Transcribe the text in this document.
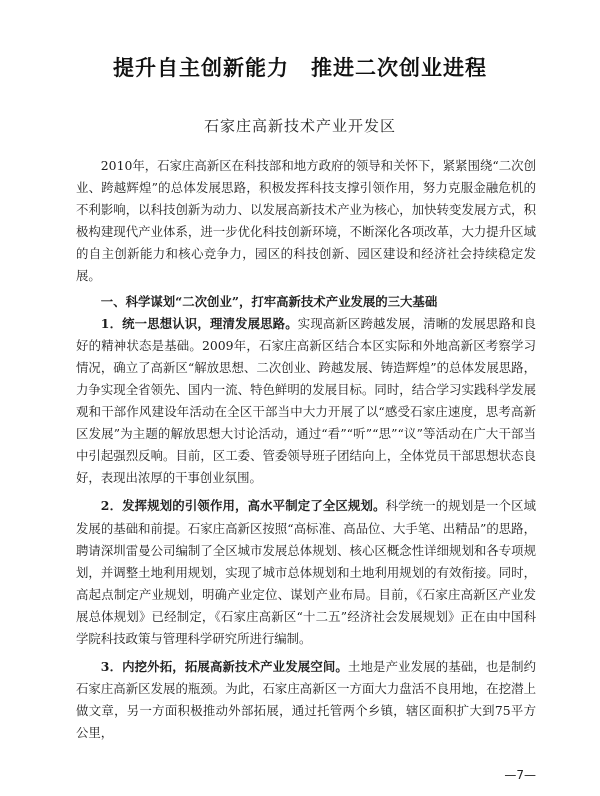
提升自主创新能力　推进二次创业进程
石家庄高新技术产业开发区

2010年，石家庄高新区在科技部和地方政府的领导和关怀下，紧紧围绕“二次创业、跨越辉煌”的总体发展思路，积极发挥科技支撑引领作用，努力克服金融危机的不利影响，以科技创新为动力、以发展高新技术产业为核心，加快转变发展方式，积极构建现代产业体系，进一步优化科技创新环境，不断深化各项改革，大力提升区域的自主创新能力和核心竞争力，园区的科技创新、园区建设和经济社会持续稳定发展。

一、科学谋划“二次创业”，打牢高新技术产业发展的三大基础

1．统一思想认识，理清发展思路。实现高新区跨越发展，清晰的发展思路和良好的精神状态是基础。2009年，石家庄高新区结合本区实际和外地高新区考察学习情况，确立了高新区“解放思想、二次创业、跨越发展、铸造辉煌”的总体发展思路，力争实现全省领先、国内一流、特色鲜明的发展目标。同时，结合学习实践科学发展观和干部作风建设年活动在全区干部当中大力开展了以“感受石家庄速度，思考高新区发展”为主题的解放思想大讨论活动，通过“看”“听”“思”“议”等活动在广大干部当中引起强烈反响。目前，区工委、管委领导班子团结向上，全体党员干部思想状态良好，表现出浓厚的干事创业氛围。

2．发挥规划的引领作用，高水平制定了全区规划。科学统一的规划是一个区域发展的基础和前提。石家庄高新区按照“高标准、高品位、大手笔、出精品”的思路，聘请深圳雷曼公司编制了全区城市发展总体规划、核心区概念性详细规划和各专项规划，并调整土地利用规划，实现了城市总体规划和土地利用规划的有效衔接。同时，高起点制定产业规划，明确产业定位、谋划产业布局。目前，《石家庄高新区产业发展总体规划》已经制定，《石家庄高新区“十二五”经济社会发展规划》正在由中国科学院科技政策与管理科学研究所进行编制。

3．内挖外拓，拓展高新技术产业发展空间。土地是产业发展的基础，也是制约石家庄高新区发展的瓶颈。为此，石家庄高新区一方面大力盘活不良用地，在挖潜上做文章，另一方面积极推动外部拓展，通过托管两个乡镇，辖区面积扩大到75平方公里，

—7—
